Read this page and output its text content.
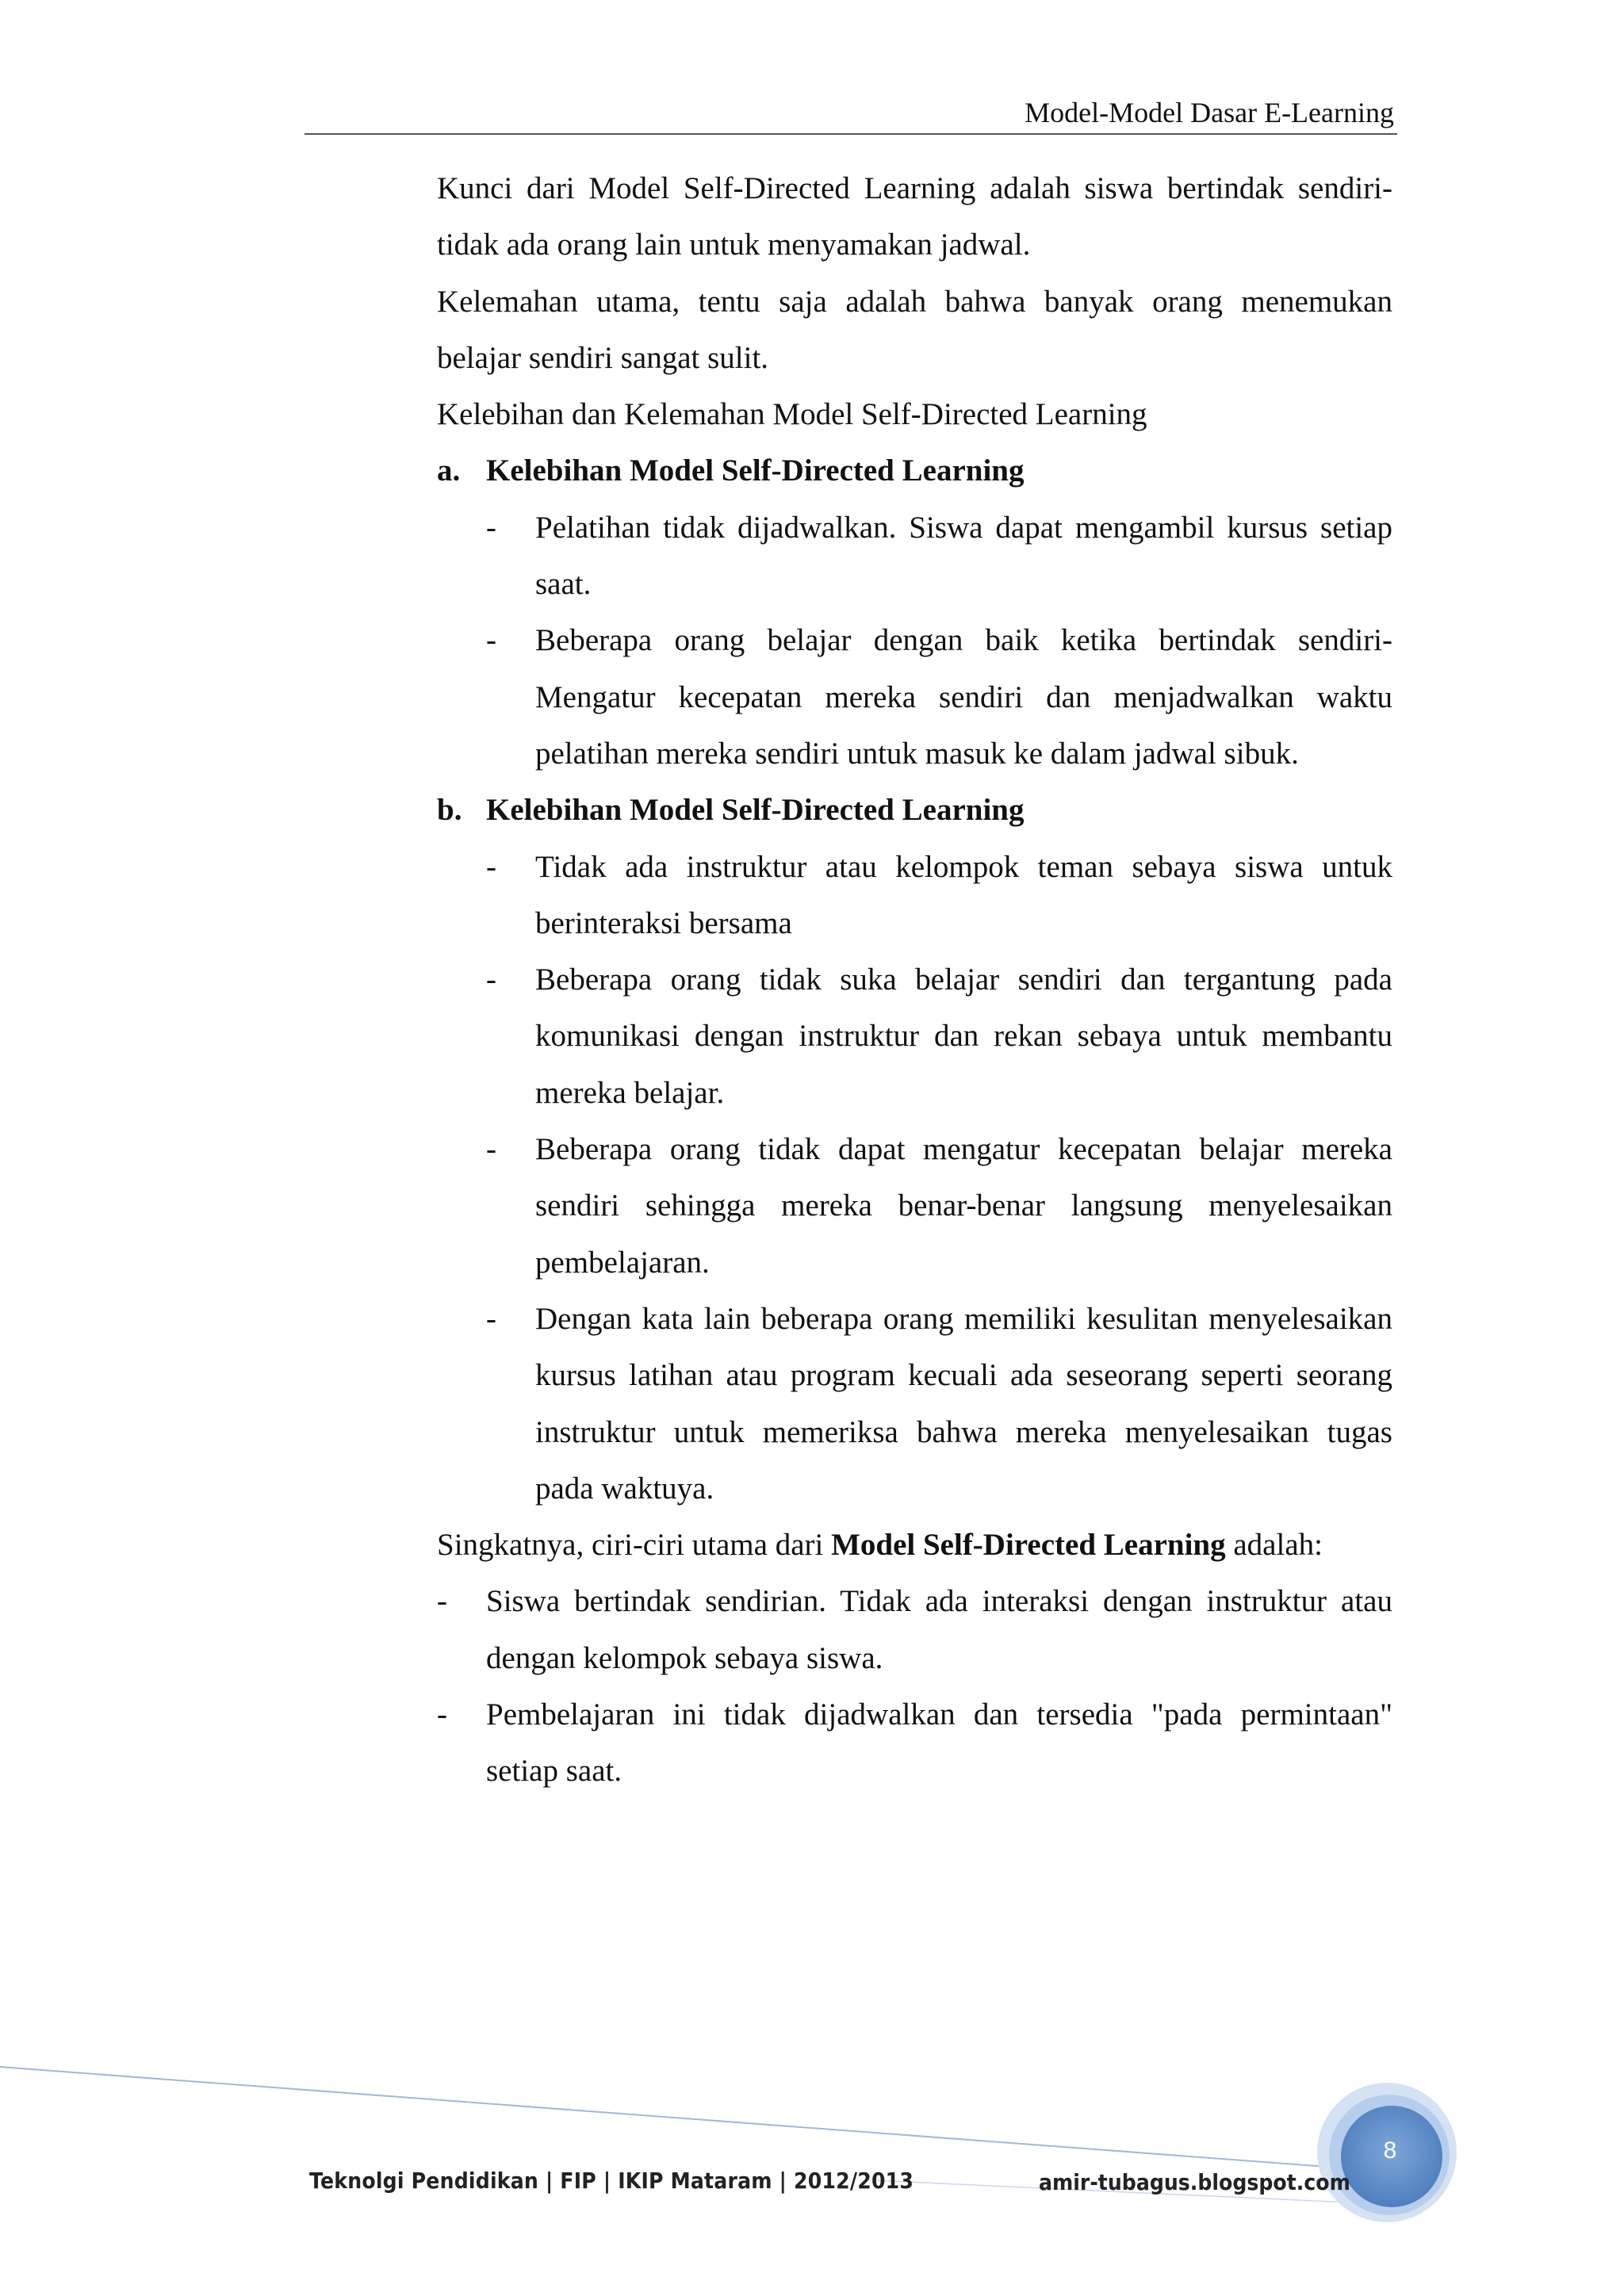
Model-Model Dasar E-Learning

Kunci dari Model Self-Directed Learning adalah siswa bertindak sendiri-tidak ada orang lain untuk menyamakan jadwal.

Kelemahan utama, tentu saja adalah bahwa banyak orang menemukan belajar sendiri sangat sulit.

Kelebihan dan Kelemahan Model Self-Directed Learning

a. Kelebihan Model Self-Directed Learning
- Pelatihan tidak dijadwalkan. Siswa dapat mengambil kursus setiap saat.
- Beberapa orang belajar dengan baik ketika bertindak sendiri-Mengatur kecepatan mereka sendiri dan menjadwalkan waktu pelatihan mereka sendiri untuk masuk ke dalam jadwal sibuk.
b. Kelebihan Model Self-Directed Learning
- Tidak ada instruktur atau kelompok teman sebaya siswa untuk berinteraksi bersama
- Beberapa orang tidak suka belajar sendiri dan tergantung pada komunikasi dengan instruktur dan rekan sebaya untuk membantu mereka belajar.
- Beberapa orang tidak dapat mengatur kecepatan belajar mereka sendiri sehingga mereka benar-benar langsung menyelesaikan pembelajaran.
- Dengan kata lain beberapa orang memiliki kesulitan menyelesaikan kursus latihan atau program kecuali ada seseorang seperti seorang instruktur untuk memeriksa bahwa mereka menyelesaikan tugas pada waktuya.

Singkatnya, ciri-ciri utama dari Model Self-Directed Learning adalah:

- Siswa bertindak sendirian. Tidak ada interaksi dengan instruktur atau dengan kelompok sebaya siswa.
- Pembelajaran ini tidak dijadwalkan dan tersedia "pada permintaan" setiap saat.
Teknolgi Pendidikan | FIP | IKIP Mataram | 2012/2013	amir-tubagus.blogspot.com
8
